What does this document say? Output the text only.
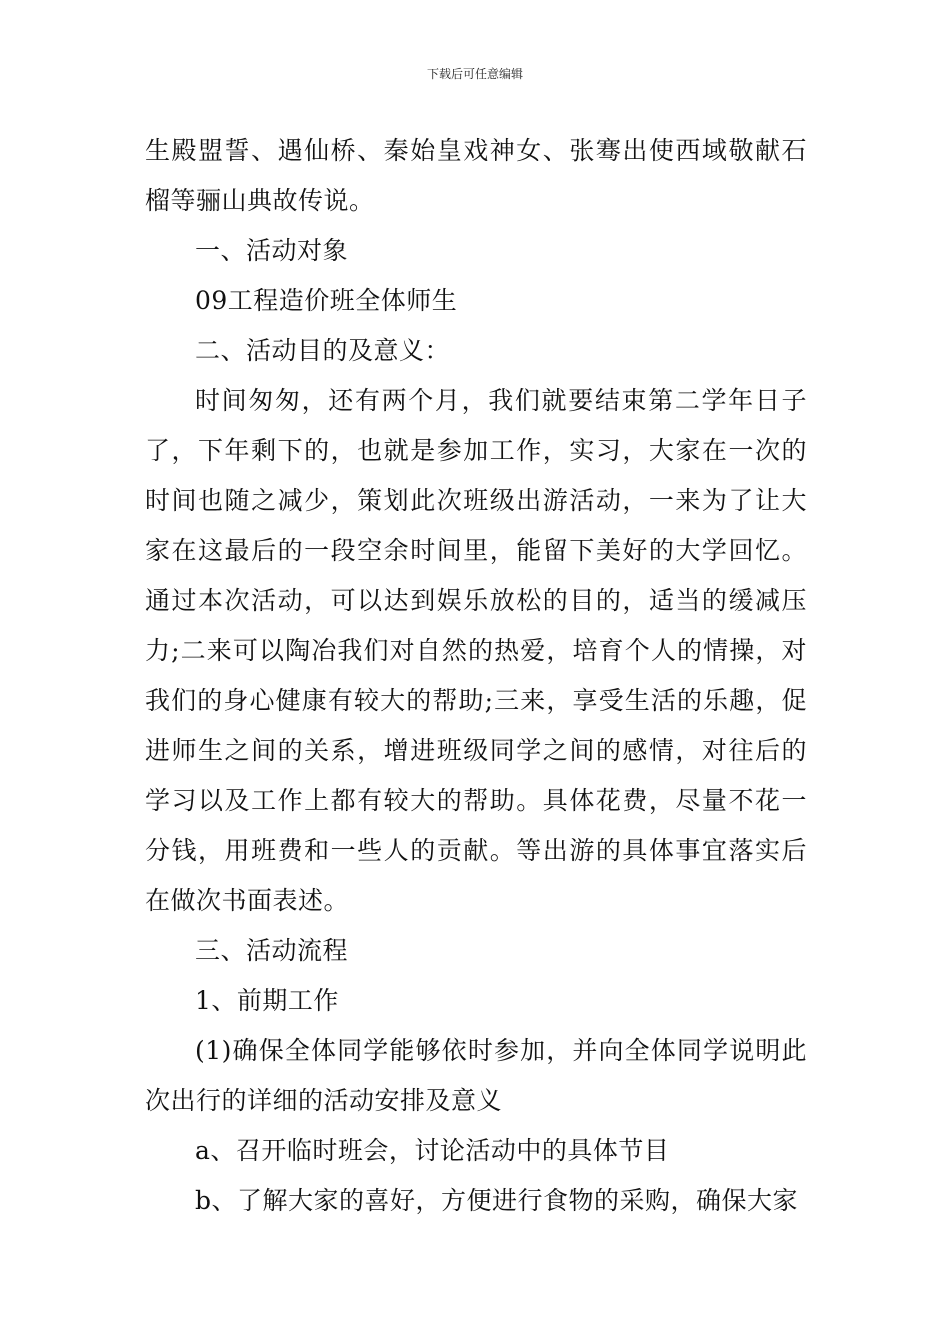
下载后可任意编辑

生殿盟誓、遇仙桥、秦始皇戏神女、张骞出使西域敬献石榴等骊山典故传说。

一、活动对象

09工程造价班全体师生

二、活动目的及意义：

时间匆匆，还有两个月，我们就要结束第二学年日子了，下年剩下的，也就是参加工作，实习，大家在一次的时间也随之减少，策划此次班级出游活动，一来为了让大家在这最后的一段空余时间里，能留下美好的大学回忆。通过本次活动，可以达到娱乐放松的目的，适当的缓减压力;二来可以陶冶我们对自然的热爱，培育个人的情操，对我们的身心健康有较大的帮助;三来，享受生活的乐趣，促进师生之间的关系，增进班级同学之间的感情，对往后的学习以及工作上都有较大的帮助。具体花费，尽量不花一分钱，用班费和一些人的贡献。等出游的具体事宜落实后在做次书面表述。

三、活动流程

1、前期工作

(1)确保全体同学能够依时参加，并向全体同学说明此次出行的详细的活动安排及意义

a、召开临时班会，讨论活动中的具体节目

b、了解大家的喜好，方便进行食物的采购，确保大家
